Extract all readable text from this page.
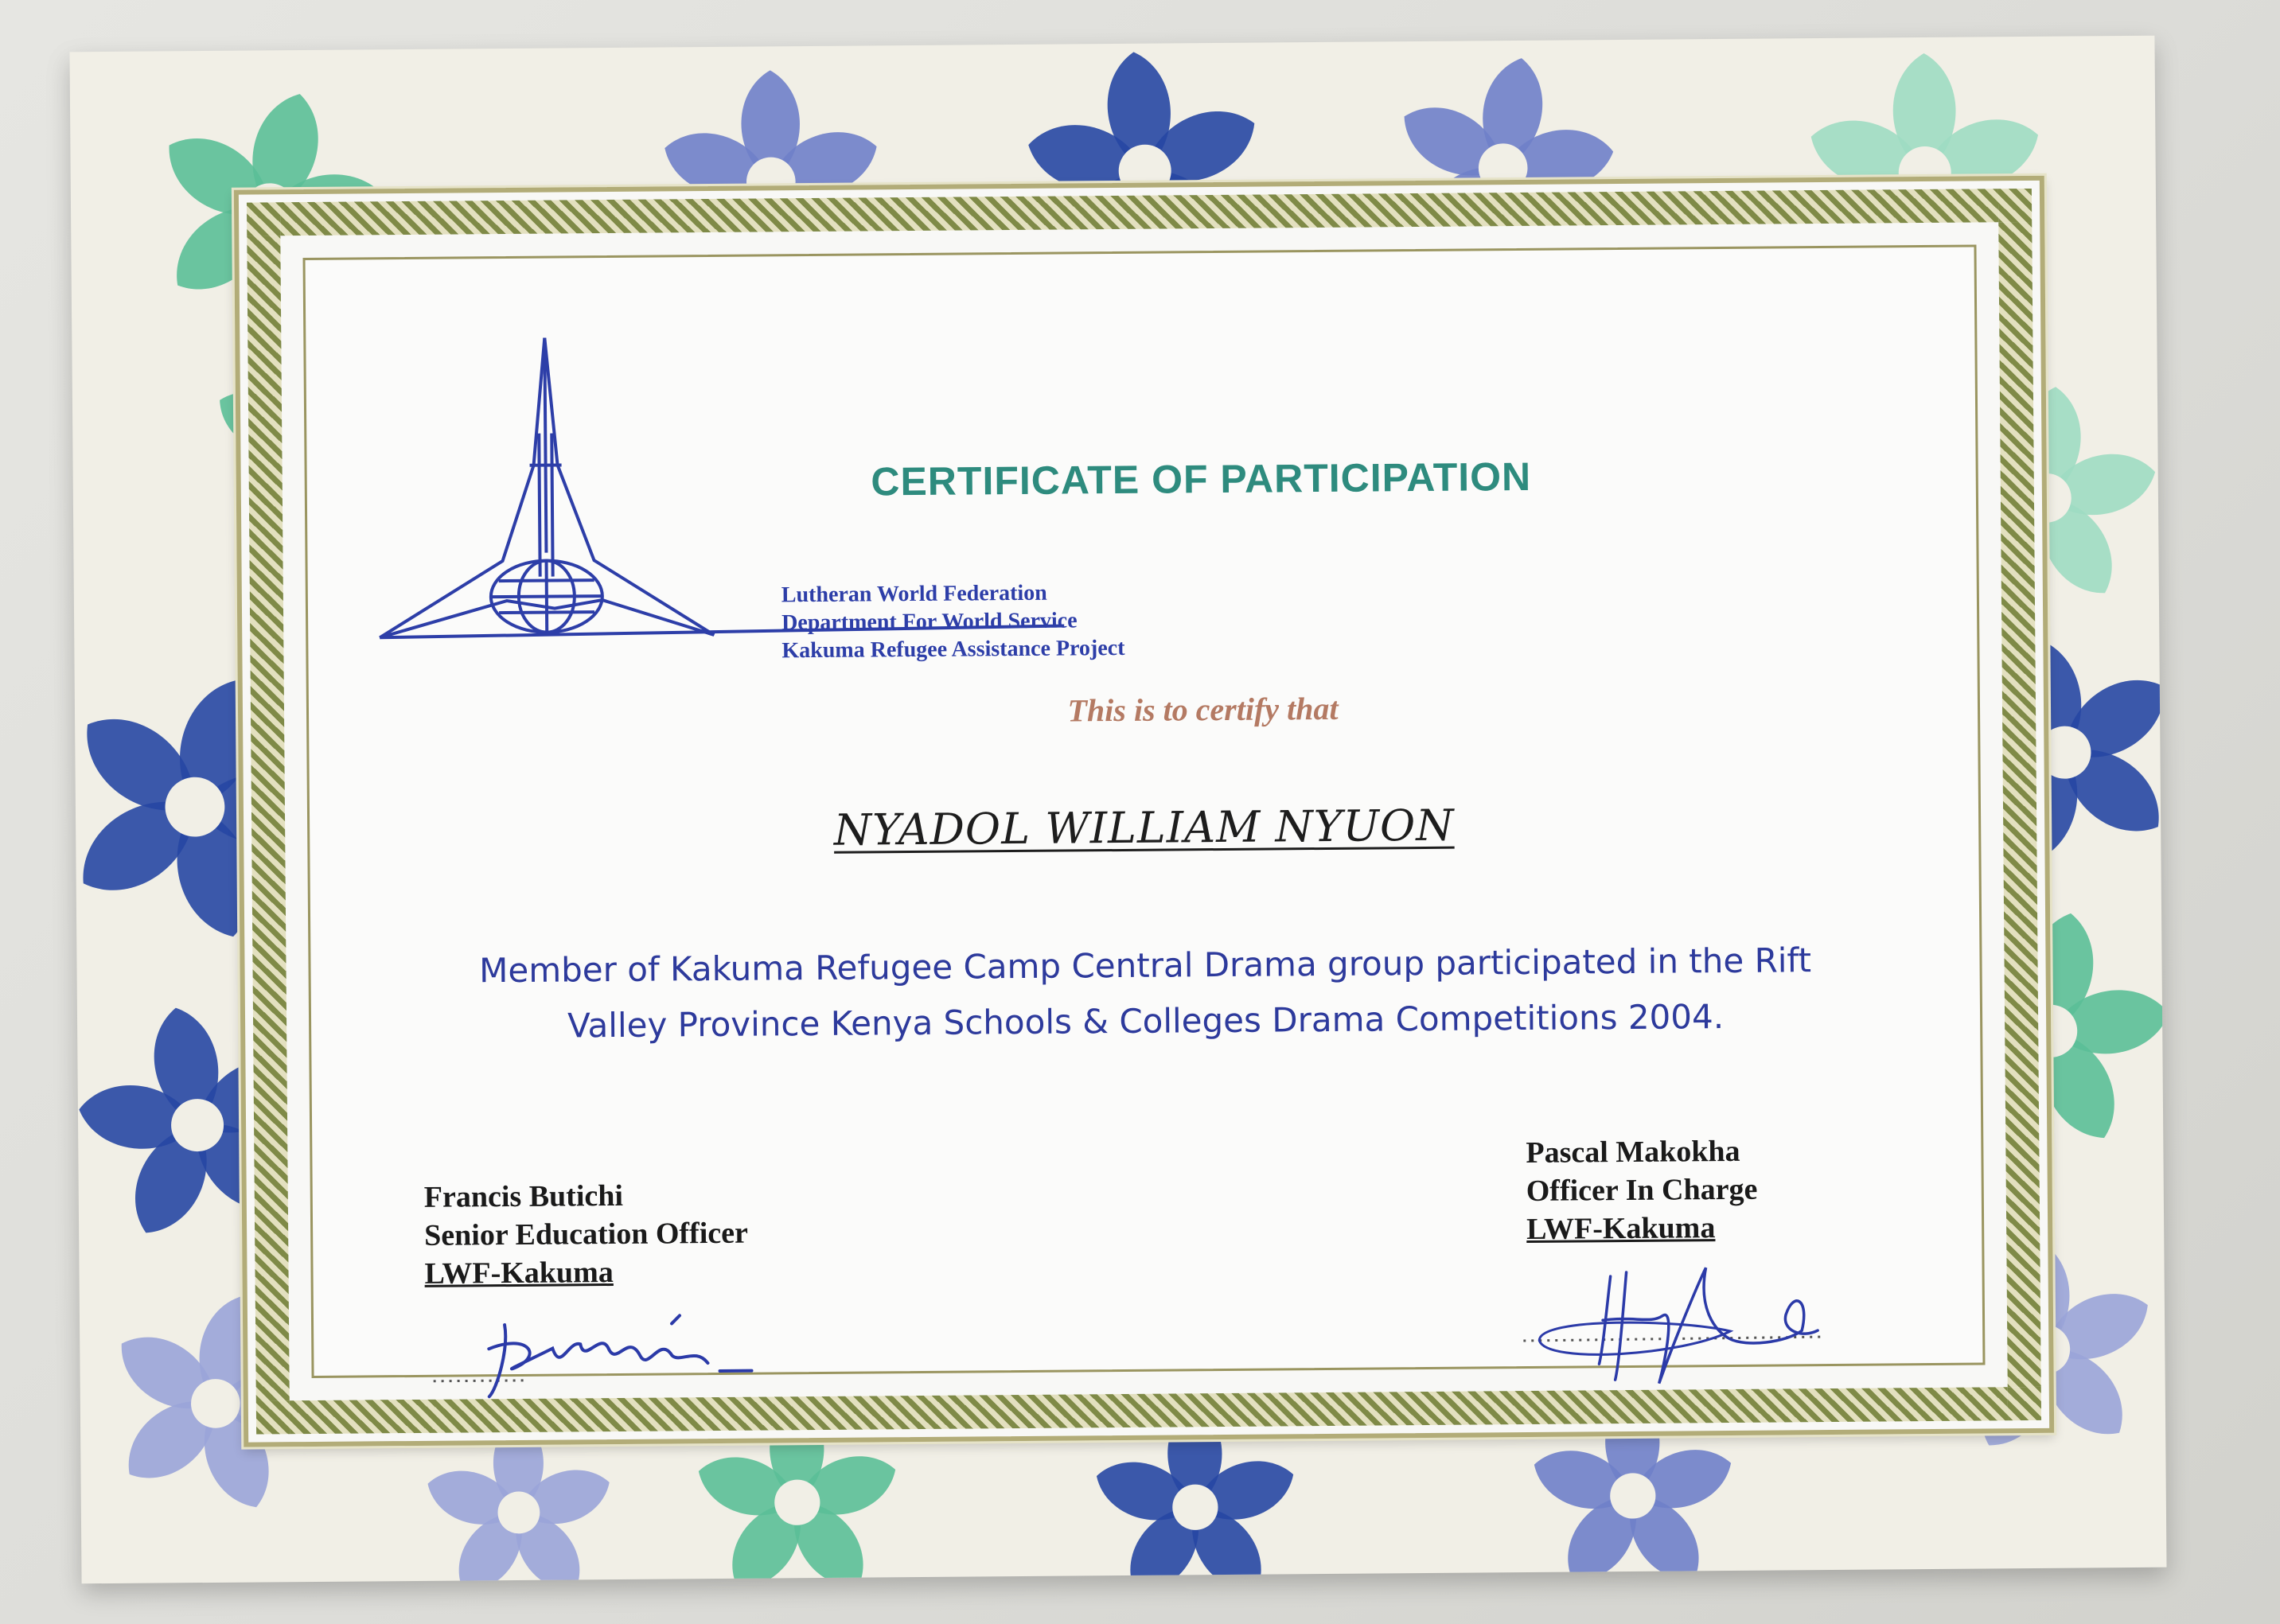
Lutheran World Federation
Department For World Service
Kakuma Refugee Assistance Project
CERTIFICATE OF PARTICIPATION
This is to certify that
NYADOL WILLIAM NYUON
Member of Kakuma Refugee Camp Central Drama group participated in the Rift
Valley Province Kenya Schools & Colleges Drama Competitions 2004.
Francis Butichi
Senior Education Officer
LWF-Kakuma
Pascal Makokha
Officer In Charge
LWF-Kakuma
